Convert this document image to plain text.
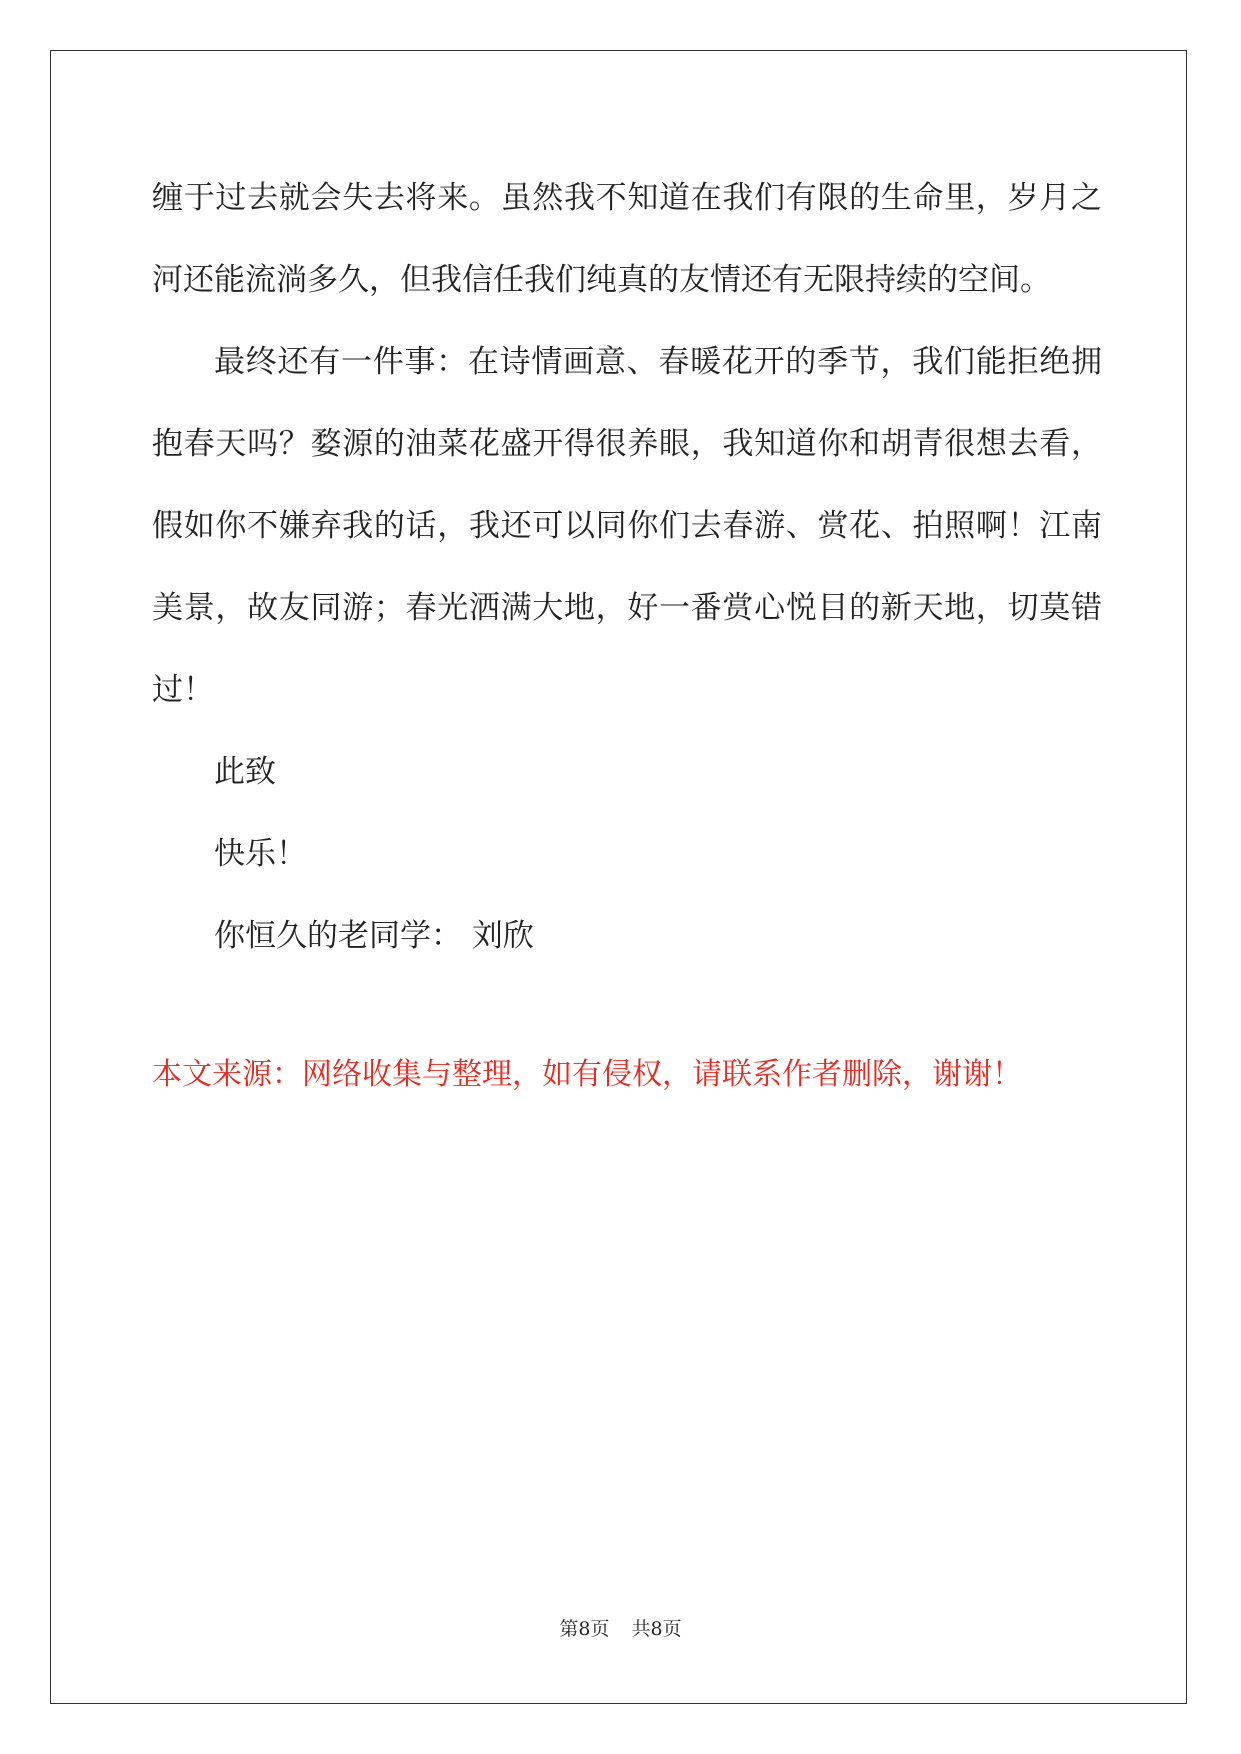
缠于过去就会失去将来。虽然我不知道在我们有限的生命里，岁月之
河还能流淌多久，但我信任我们纯真的友情还有无限持续的空间。
最终还有一件事：在诗情画意、春暖花开的季节，我们能拒绝拥
抱春天吗？婺源的油菜花盛开得很养眼，我知道你和胡青很想去看，
假如你不嫌弃我的话，我还可以同你们去春游、赏花、拍照啊！江南
美景，故友同游；春光洒满大地，好一番赏心悦目的新天地，切莫错
过！
此致
快乐！
你恒久的老同学： 刘欣
本文来源：网络收集与整理，如有侵权，请联系作者删除，谢谢！
第8页 共8页
